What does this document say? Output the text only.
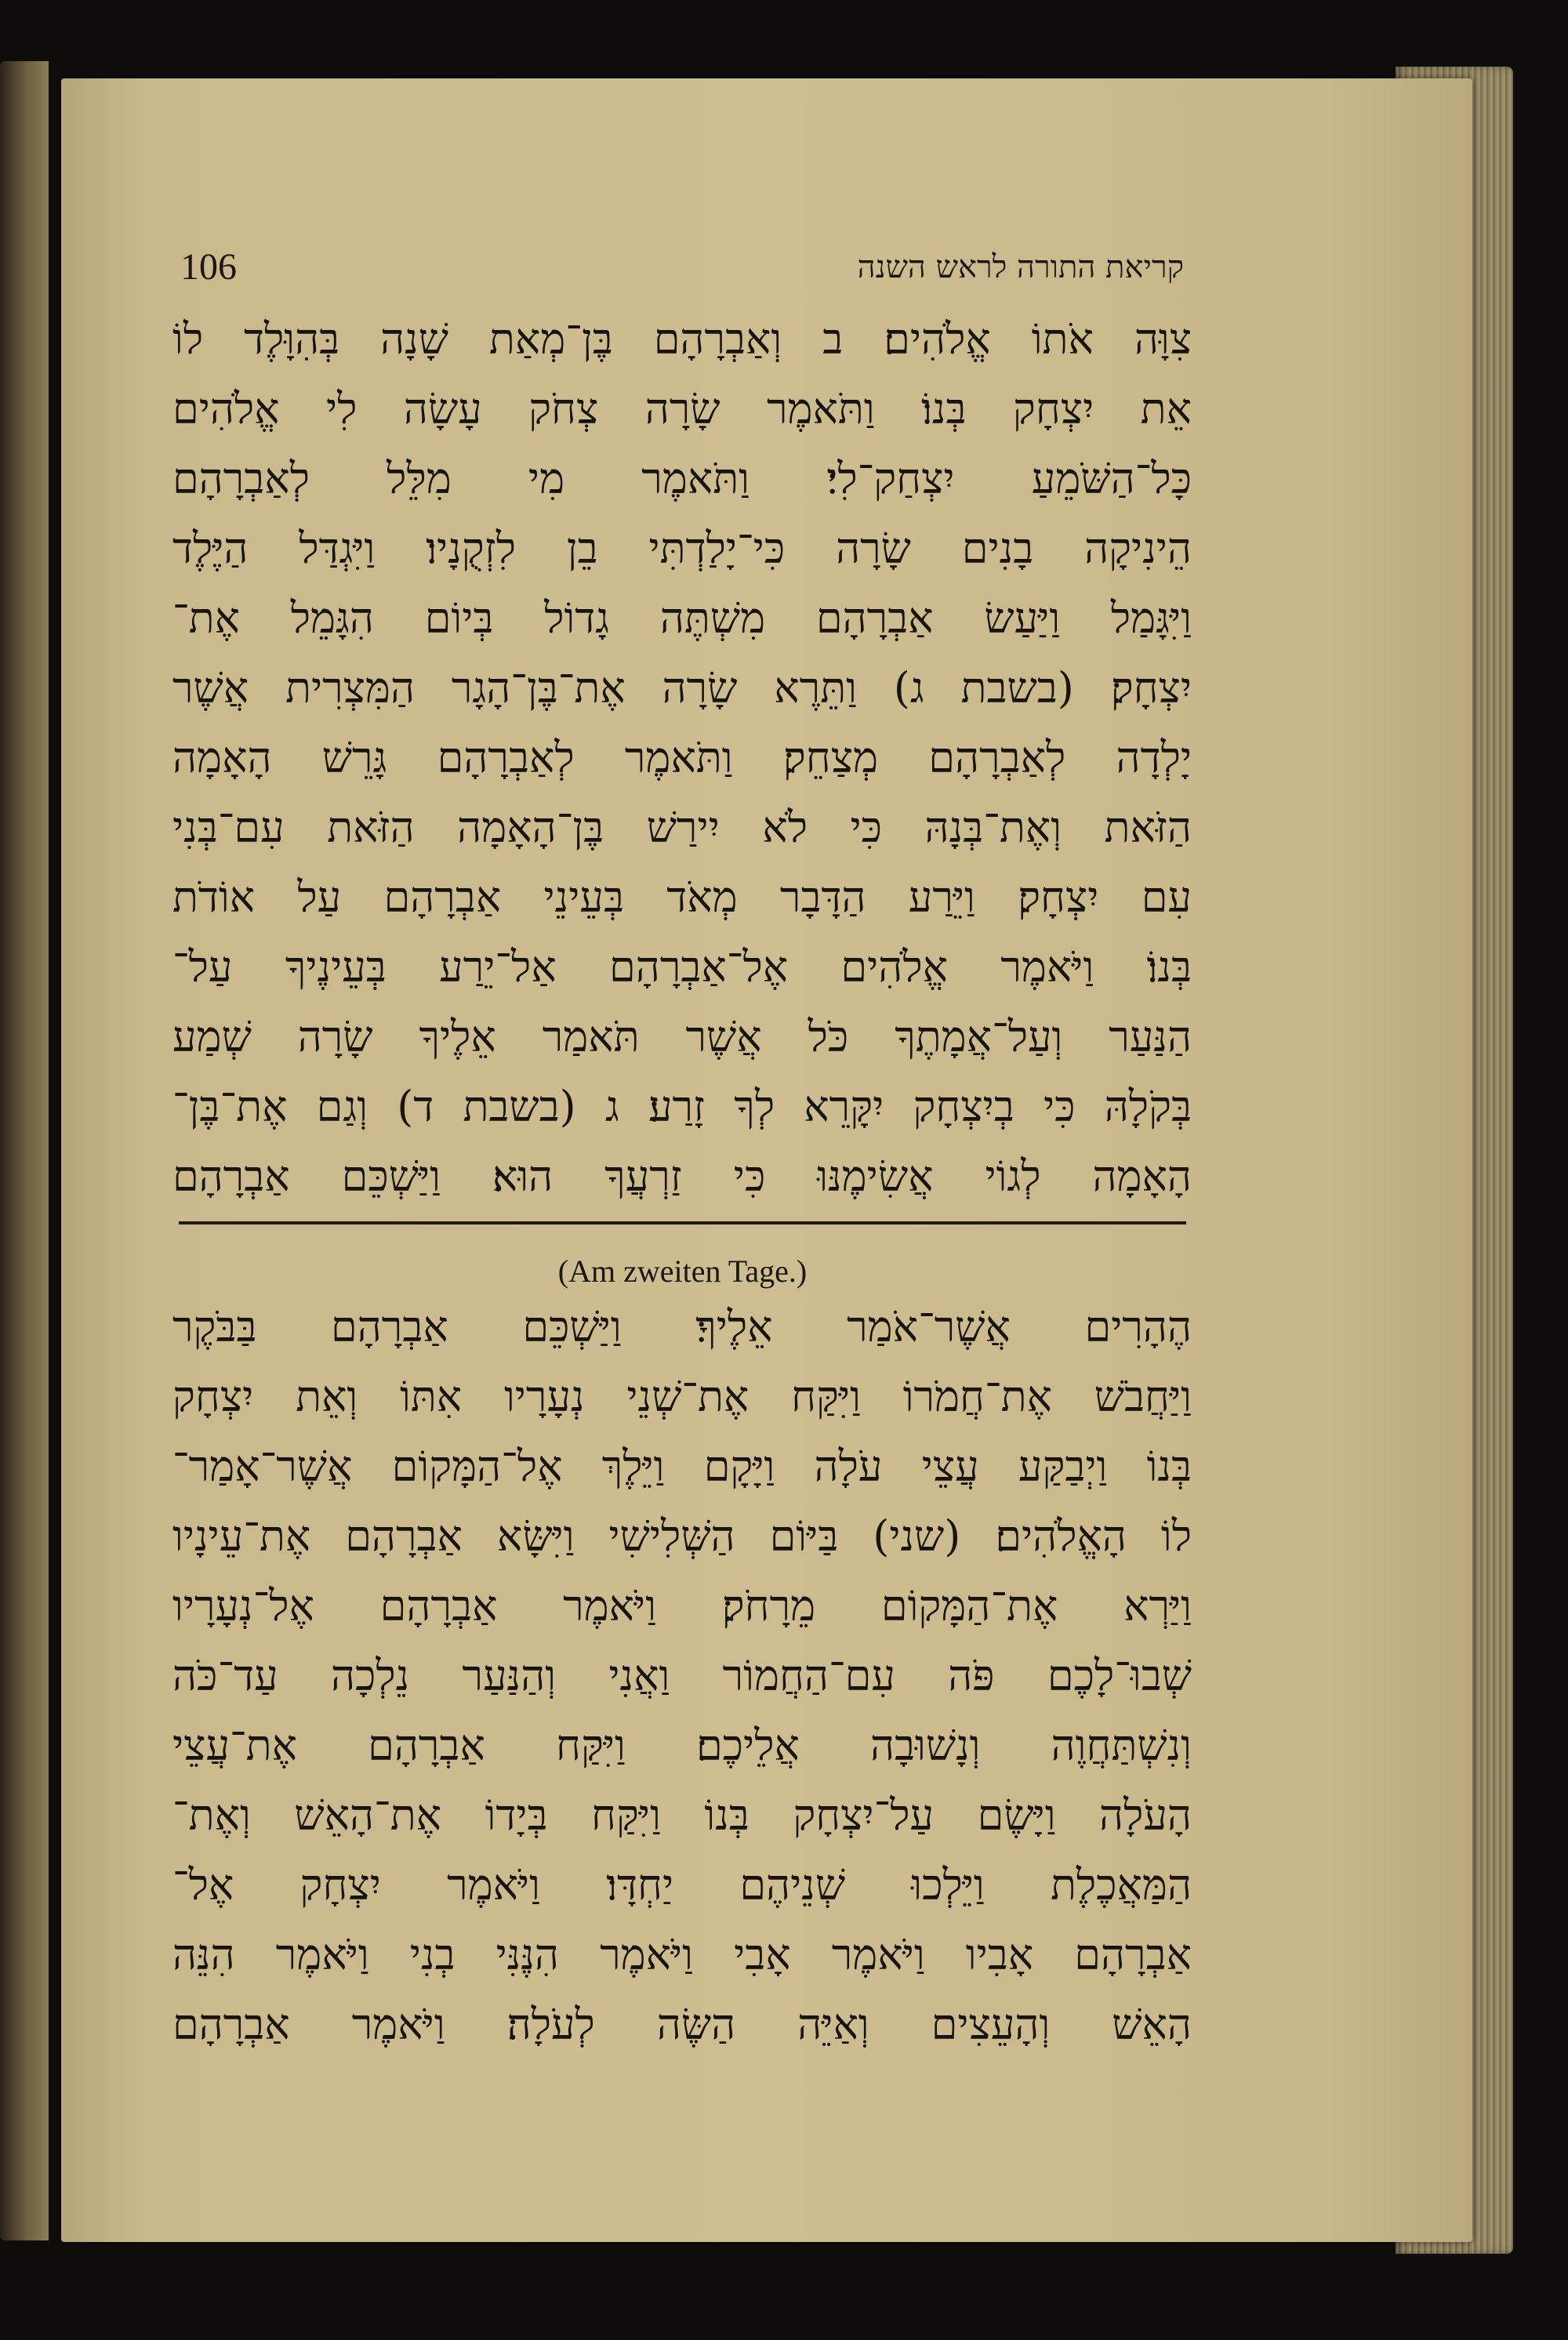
106	קריאת התורה לראש השנה
צִוָּה אֹתוֹ אֱלֹהִים׃ ב וְאַבְרָהָם בֶּן־מְאַת שָׁנָה בְּהִוָּלֶד לוֹ
אֵת יִצְחָק בְּנוֹ׃ וַתֹּאמֶר שָׂרָה צְחֹק עָשָׂה לִי אֱלֹהִים
כָּל־הַשֹּׁמֵעַ יִצְחַק־לִי׃ וַתֹּאמֶר מִי מִלֵּל לְאַבְרָהָם
הֵינִיקָה בָנִים שָׂרָה כִּי־יָלַדְתִּי בֵן לִזְקֻנָיו׃ וַיִּגְדַּל הַיֶּלֶד
וַיִּגָּמַל וַיַּעַשׂ אַבְרָהָם מִשְׁתֶּה גָדוֹל בְּיוֹם הִגָּמֵל אֶת־
יִצְחָק׃ (בשבת ג) וַתֵּרֶא שָׂרָה אֶת־בֶּן־הָגָר הַמִּצְרִית אֲשֶׁר
יָלְדָה לְאַבְרָהָם מְצַחֵק׃ וַתֹּאמֶר לְאַבְרָהָם גָּרֵשׁ הָאָמָה
הַזֹּאת וְאֶת־בְּנָהּ כִּי לֹא יִירַשׁ בֶּן־הָאָמָה הַזֹּאת עִם־בְּנִי
עִם יִצְחָק׃ וַיֵּרַע הַדָּבָר מְאֹד בְּעֵינֵי אַבְרָהָם עַל אוֹדֹת
בְּנוֹ׃ וַיֹּאמֶר אֱלֹהִים אֶל־אַבְרָהָם אַל־יֵרַע בְּעֵינֶיךָ עַל־
הַנַּעַר וְעַל־אֲמָתֶךָ כֹּל אֲשֶׁר תֹּאמַר אֵלֶיךָ שָׂרָה שְׁמַע
בְּקֹלָהּ כִּי בְיִצְחָק יִקָּרֵא לְךָ זָרַע׃ ג (בשבת ד) וְגַם אֶת־בֶּן־
הָאָמָה לְגוֹי אֲשִׂימֶנּוּ כִּי זַרְעֲךָ הוּא׃ וַיַּשְׁכֵּם אַבְרָהָם
(Am zweiten Tage.)
הֶהָרִים אֲשֶׁר־אֹמַר אֵלֶיךָ׃ וַיַּשְׁכֵּם אַבְרָהָם בַּבֹּקֶר
וַיַּחֲבֹשׁ אֶת־חֲמֹרוֹ וַיִּקַּח אֶת־שְׁנֵי נְעָרָיו אִתּוֹ וְאֵת יִצְחָק
בְּנוֹ וַיְבַקַּע עֲצֵי עֹלָה וַיָּקָם וַיֵּלֶךְ אֶל־הַמָּקוֹם אֲשֶׁר־אָמַר־
לוֹ הָאֱלֹהִים׃ (שני) בַּיּוֹם הַשְּׁלִישִׁי וַיִּשָּׂא אַבְרָהָם אֶת־עֵינָיו
וַיַּרְא אֶת־הַמָּקוֹם מֵרָחֹק׃ וַיֹּאמֶר אַבְרָהָם אֶל־נְעָרָיו
שְׁבוּ־לָכֶם פֹּה עִם־הַחֲמוֹר וַאֲנִי וְהַנַּעַר נֵלְכָה עַד־כֹּה
וְנִשְׁתַּחֲוֶה וְנָשׁוּבָה אֲלֵיכֶם׃ וַיִּקַּח אַבְרָהָם אֶת־עֲצֵי
הָעֹלָה וַיָּשֶׂם עַל־יִצְחָק בְּנוֹ וַיִּקַּח בְּיָדוֹ אֶת־הָאֵשׁ וְאֶת־
הַמַּאֲכֶלֶת וַיֵּלְכוּ שְׁנֵיהֶם יַחְדָּו׃ וַיֹּאמֶר יִצְחָק אֶל־
אַבְרָהָם אָבִיו וַיֹּאמֶר אָבִי וַיֹּאמֶר הִנֶּנִּי בְנִי וַיֹּאמֶר הִנֵּה
הָאֵשׁ וְהָעֵצִים וְאַיֵּה הַשֶּׂה לְעֹלָה׃ וַיֹּאמֶר אַבְרָהָם
